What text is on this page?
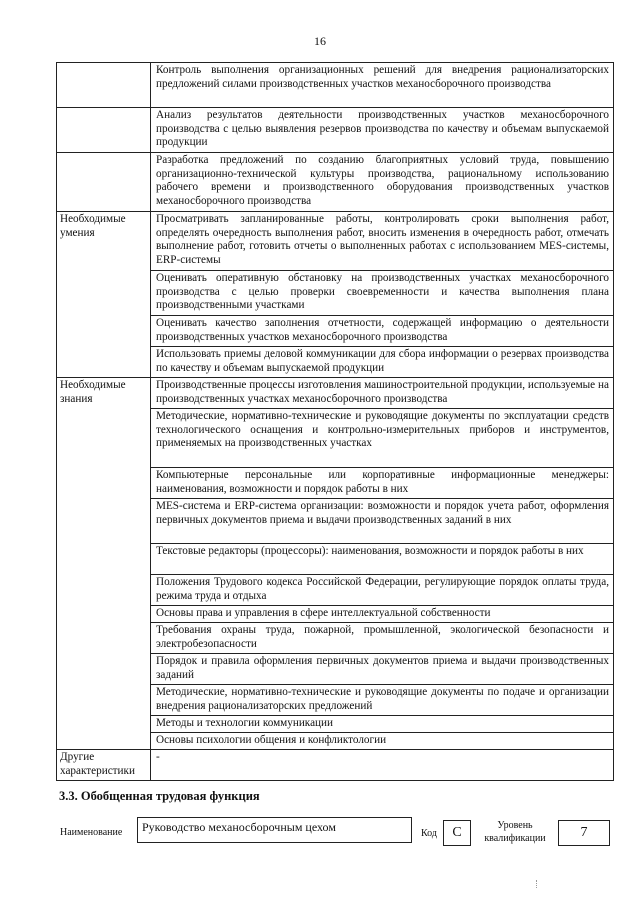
16
	Контроль выполнения организационных решений для внедрения рационализаторских предложений силами производственных участков механосборочного производства
	Анализ результатов деятельности производственных участков механосборочного производства с целью выявления резервов производства по качеству и объемам выпускаемой продукции
	Разработка предложений по созданию благоприятных условий труда, повышению организационно-технической культуры производства, рациональному использованию рабочего времени и производственного оборудования производственных участков механосборочного производства
Необходимые умения	Просматривать запланированные работы, контролировать сроки выполнения работ, определять очередность выполнения работ, вносить изменения в очередность работ, отмечать выполнение работ, готовить отчеты о выполненных работах с использованием MES-системы, ERP-системы
	Оценивать оперативную обстановку на производственных участках механосборочного производства с целью проверки своевременности и качества выполнения плана производственными участками
	Оценивать качество заполнения отчетности, содержащей информацию о деятельности производственных участков механосборочного производства
	Использовать приемы деловой коммуникации для сбора информации о резервах производства по качеству и объемам выпускаемой продукции
Необходимые знания	Производственные процессы изготовления машиностроительной продукции, используемые на производственных участках механосборочного производства
	Методические, нормативно-технические и руководящие документы по эксплуатации средств технологического оснащения и контрольно-измерительных приборов и инструментов, применяемых на производственных участках
	Компьютерные персональные или корпоративные информационные менеджеры: наименования, возможности и порядок работы в них
	MES-система и ERP-система организации: возможности и порядок учета работ, оформления первичных документов приема и выдачи производственных заданий в них
	Текстовые редакторы (процессоры): наименования, возможности и порядок работы в них
	Положения Трудового кодекса Российской Федерации, регулирующие порядок оплаты труда, режима труда и отдыха
	Основы права и управления в сфере интеллектуальной собственности
	Требования охраны труда, пожарной, промышленной, экологической безопасности и электробезопасности
	Порядок и правила оформления первичных документов приема и выдачи производственных заданий
	Методические, нормативно-технические и руководящие документы по подаче и организации внедрения рационализаторских предложений
	Методы и технологии коммуникации
	Основы психологии общения и конфликтологии
Другие характеристики	-
3.3. Обобщенная трудовая функция
Наименование	Руководство механосборочным цехом	Код	С	Уровень квалификации	7
